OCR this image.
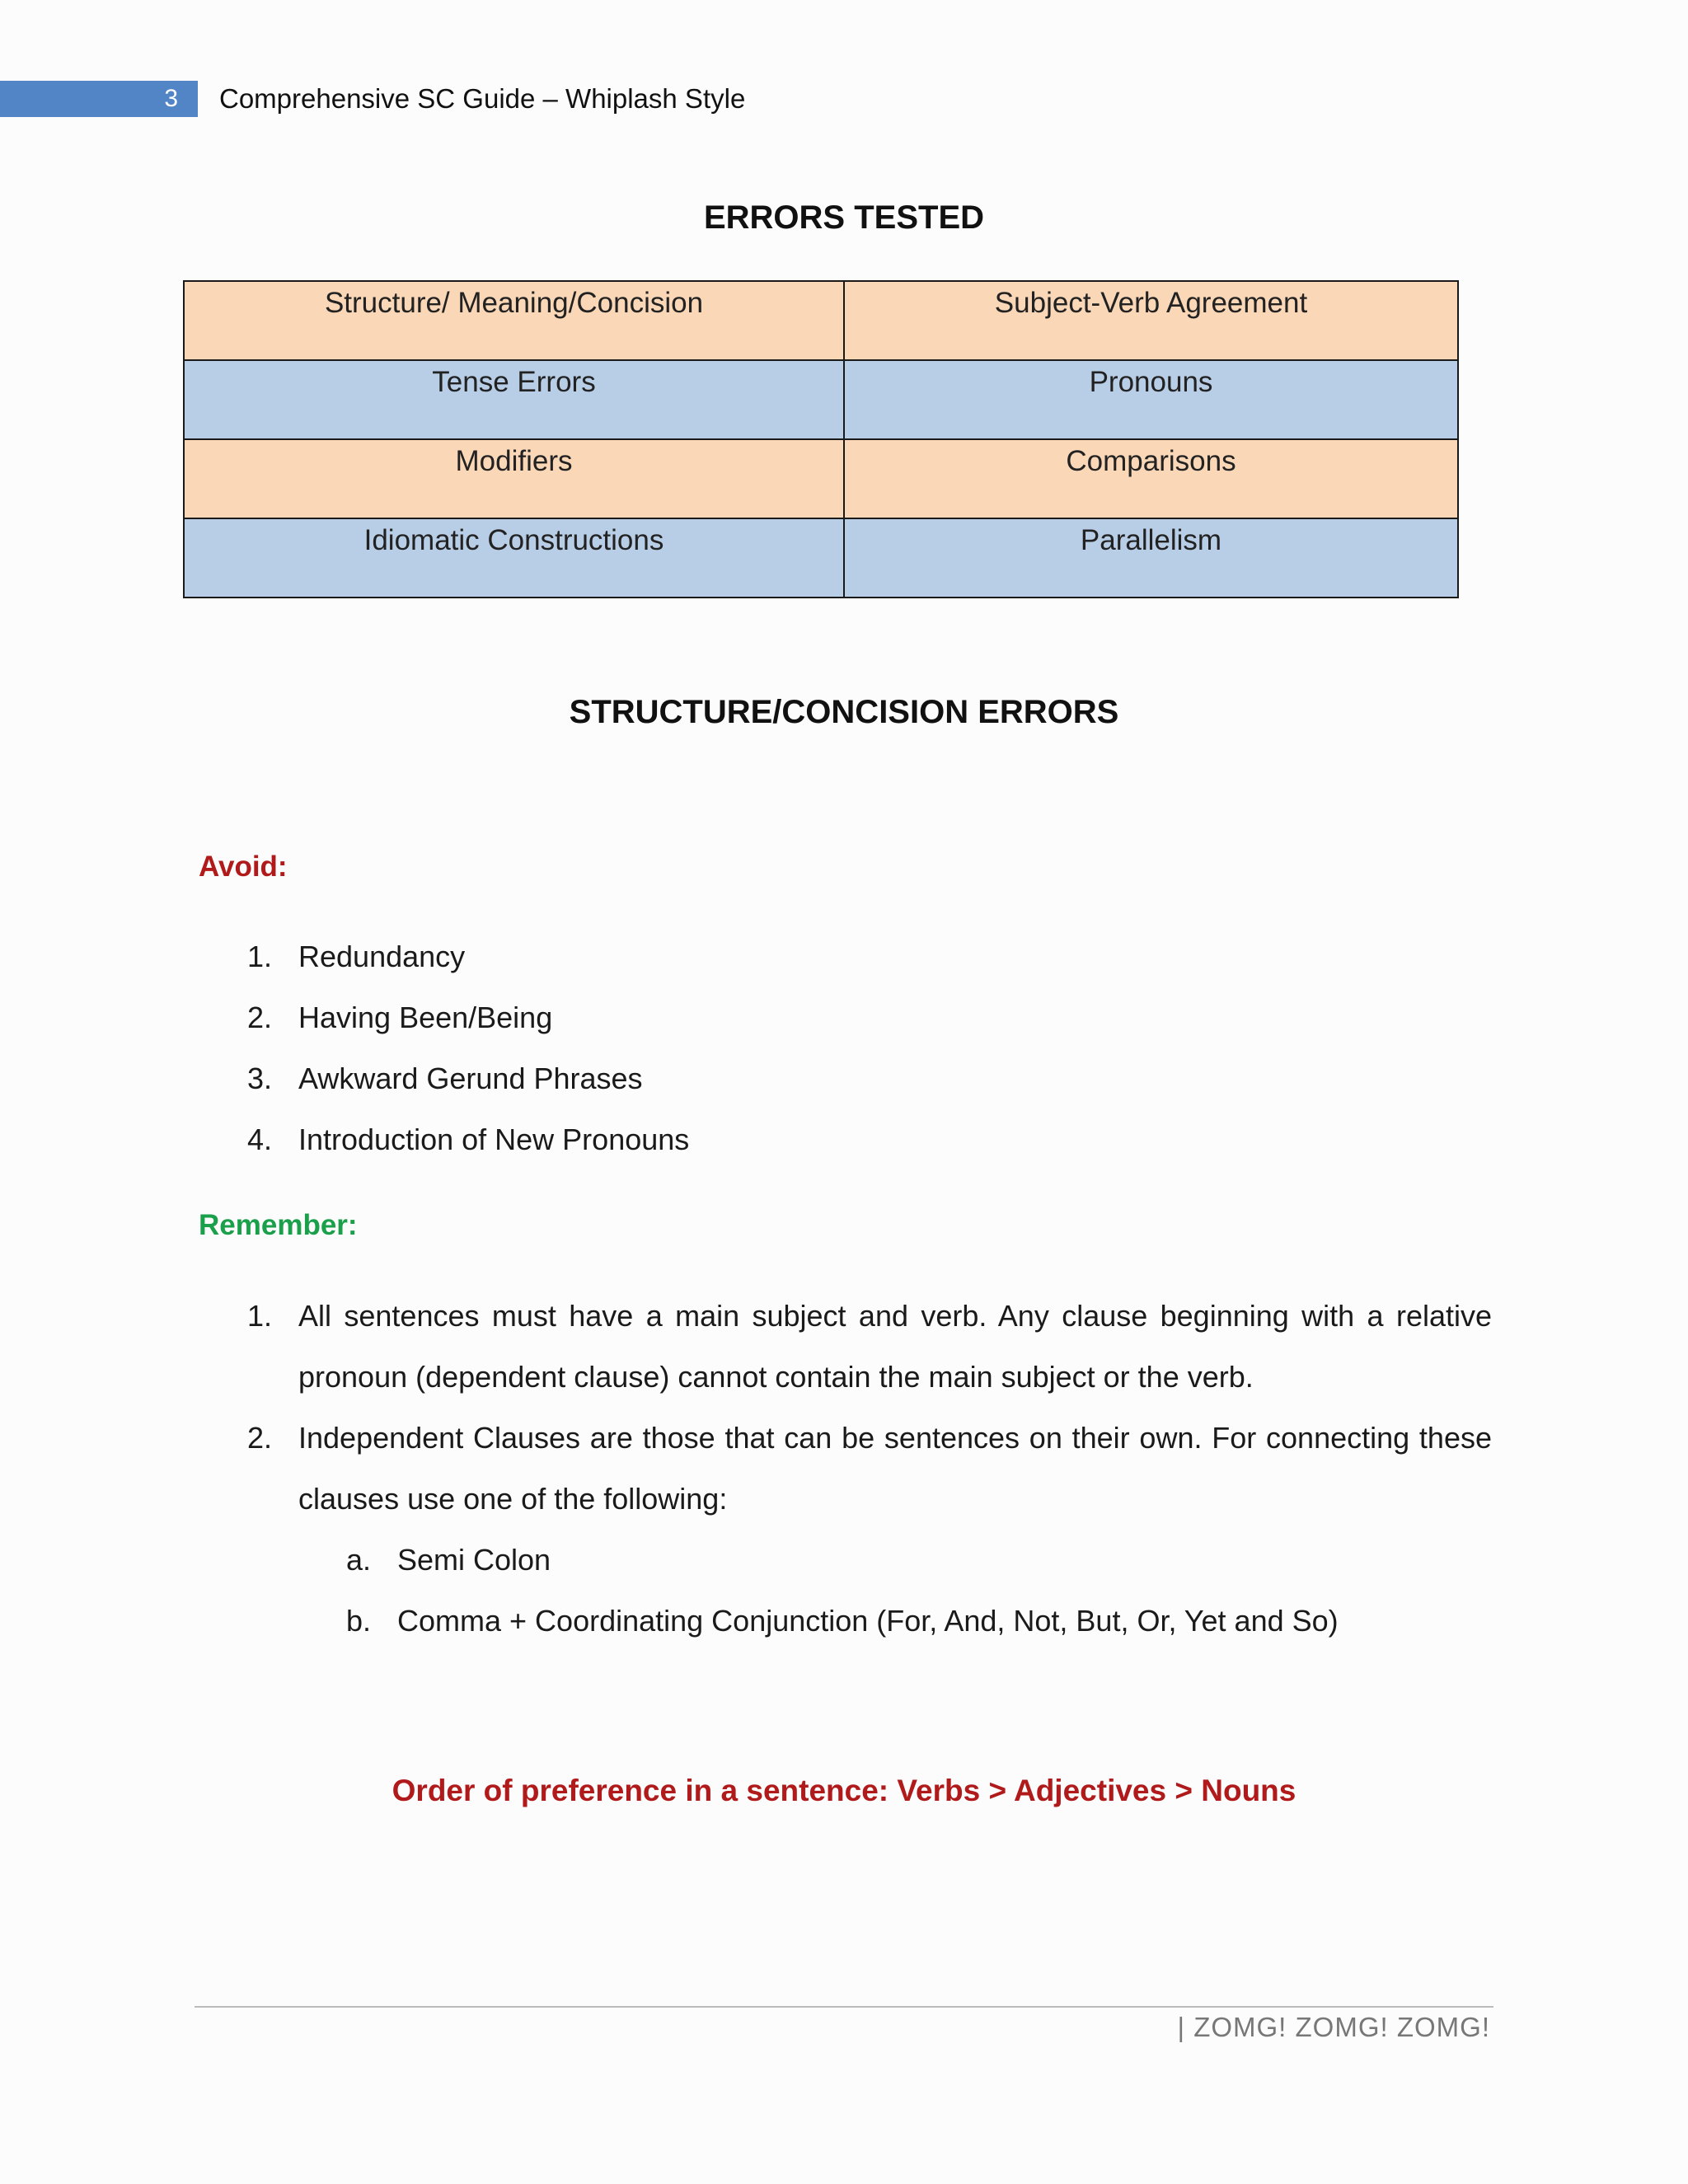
3	Comprehensive SC Guide – Whiplash Style
ERRORS TESTED
Structure/ Meaning/Concision	Subject-Verb Agreement
Tense Errors	Pronouns
Modifiers	Comparisons
Idiomatic Constructions	Parallelism
STRUCTURE/CONCISION ERRORS
Avoid:
1. Redundancy
2. Having Been/Being
3. Awkward Gerund Phrases
4. Introduction of New Pronouns
Remember:
1. All sentences must have a main subject and verb. Any clause beginning with a relative pronoun (dependent clause) cannot contain the main subject or the verb.
2. Independent Clauses are those that can be sentences on their own. For connecting these clauses use one of the following:
a. Semi Colon
b. Comma + Coordinating Conjunction (For, And, Not, But, Or, Yet and So)
Order of preference in a sentence: Verbs > Adjectives > Nouns
| ZOMG! ZOMG! ZOMG!
